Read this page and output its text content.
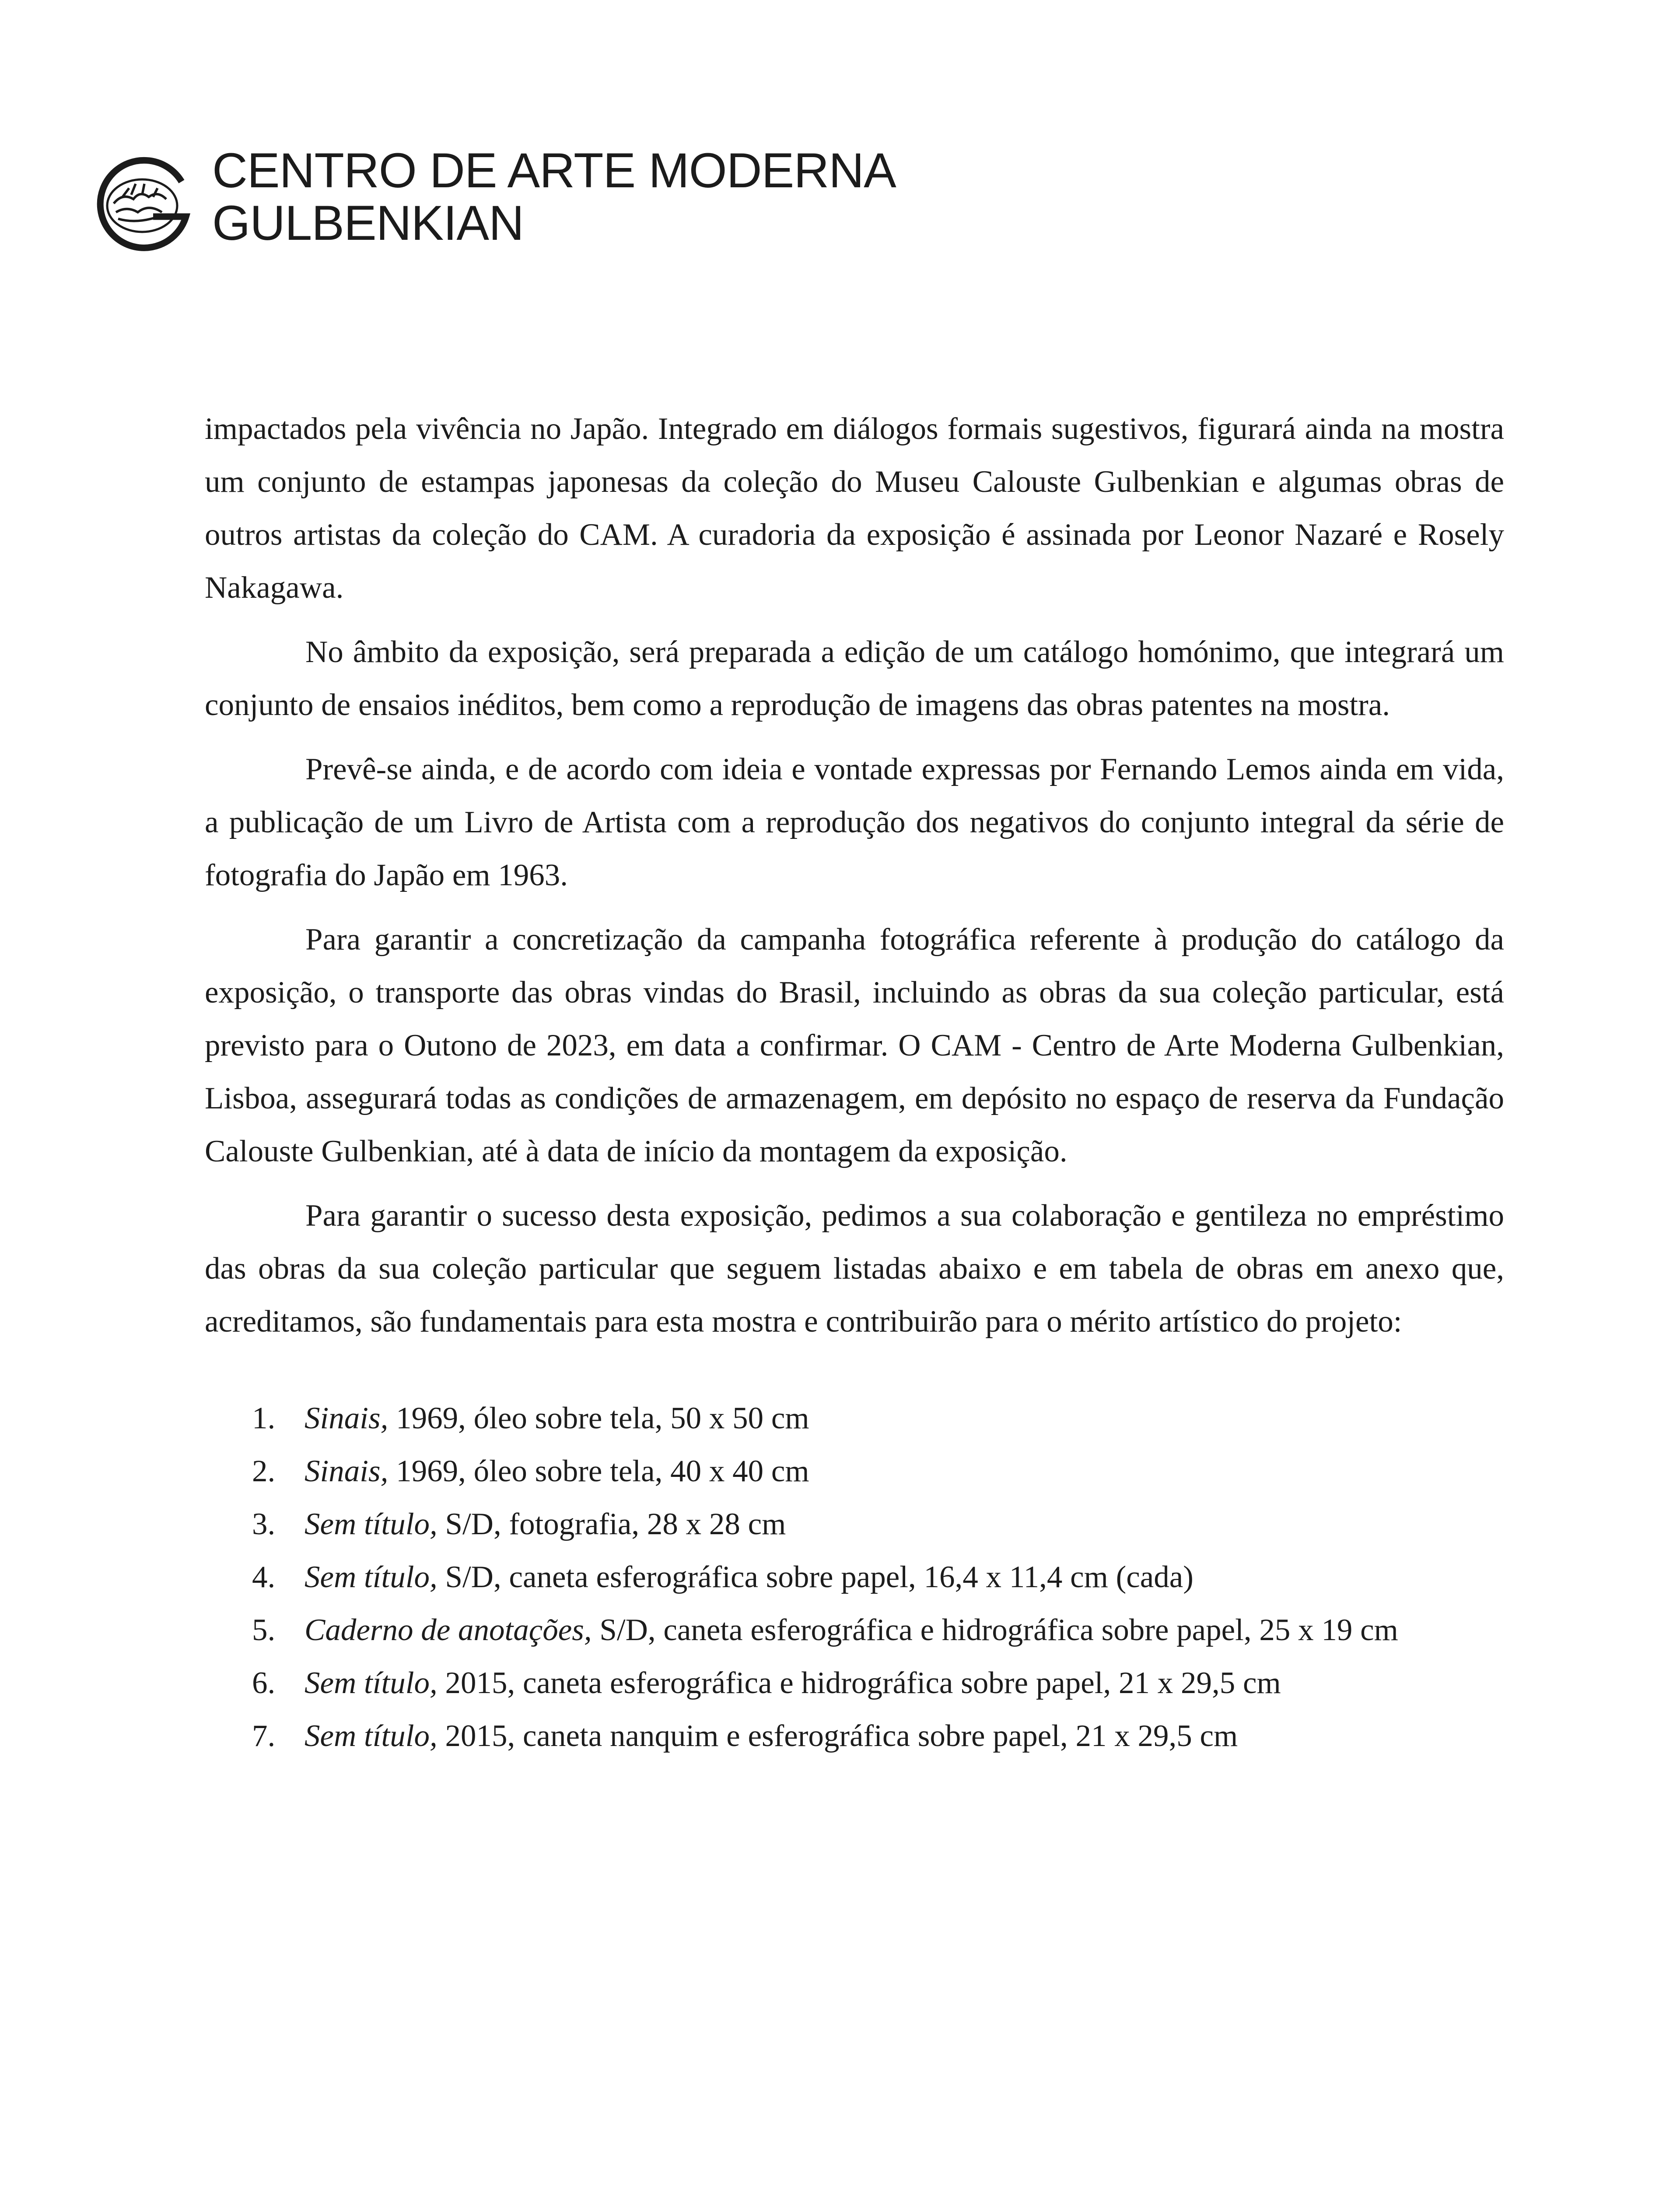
CENTRO DE ARTE MODERNA
GULBENKIAN

impactados pela vivência no Japão. Integrado em diálogos formais sugestivos, figurará ainda na mostra um conjunto de estampas japonesas da coleção do Museu Calouste Gulbenkian e algumas obras de outros artistas da coleção do CAM. A curadoria da exposição é assinada por Leonor Nazaré e Rosely Nakagawa.

No âmbito da exposição, será preparada a edição de um catálogo homónimo, que integrará um conjunto de ensaios inéditos, bem como a reprodução de imagens das obras patentes na mostra.

Prevê-se ainda, e de acordo com ideia e vontade expressas por Fernando Lemos ainda em vida, a publicação de um Livro de Artista com a reprodução dos negativos do conjunto integral da série de fotografia do Japão em 1963.

Para garantir a concretização da campanha fotográfica referente à produção do catálogo da exposição, o transporte das obras vindas do Brasil, incluindo as obras da sua coleção particular, está previsto para o Outono de 2023, em data a confirmar. O CAM - Centro de Arte Moderna Gulbenkian, Lisboa, assegurará todas as condições de armazenagem, em depósito no espaço de reserva da Fundação Calouste Gulbenkian, até à data de início da montagem da exposição.

Para garantir o sucesso desta exposição, pedimos a sua colaboração e gentileza no empréstimo das obras da sua coleção particular que seguem listadas abaixo e em tabela de obras em anexo que, acreditamos, são fundamentais para esta mostra e contribuirão para o mérito artístico do projeto:

1. Sinais, 1969, óleo sobre tela, 50 x 50 cm
2. Sinais, 1969, óleo sobre tela, 40 x 40 cm
3. Sem título, S/D, fotografia, 28 x 28 cm
4. Sem título, S/D, caneta esferográfica sobre papel, 16,4 x 11,4 cm (cada)
5. Caderno de anotações, S/D, caneta esferográfica e hidrográfica sobre papel, 25 x 19 cm
6. Sem título, 2015, caneta esferográfica e hidrográfica sobre papel, 21 x 29,5 cm
7. Sem título, 2015, caneta nanquim e esferográfica sobre papel, 21 x 29,5 cm
